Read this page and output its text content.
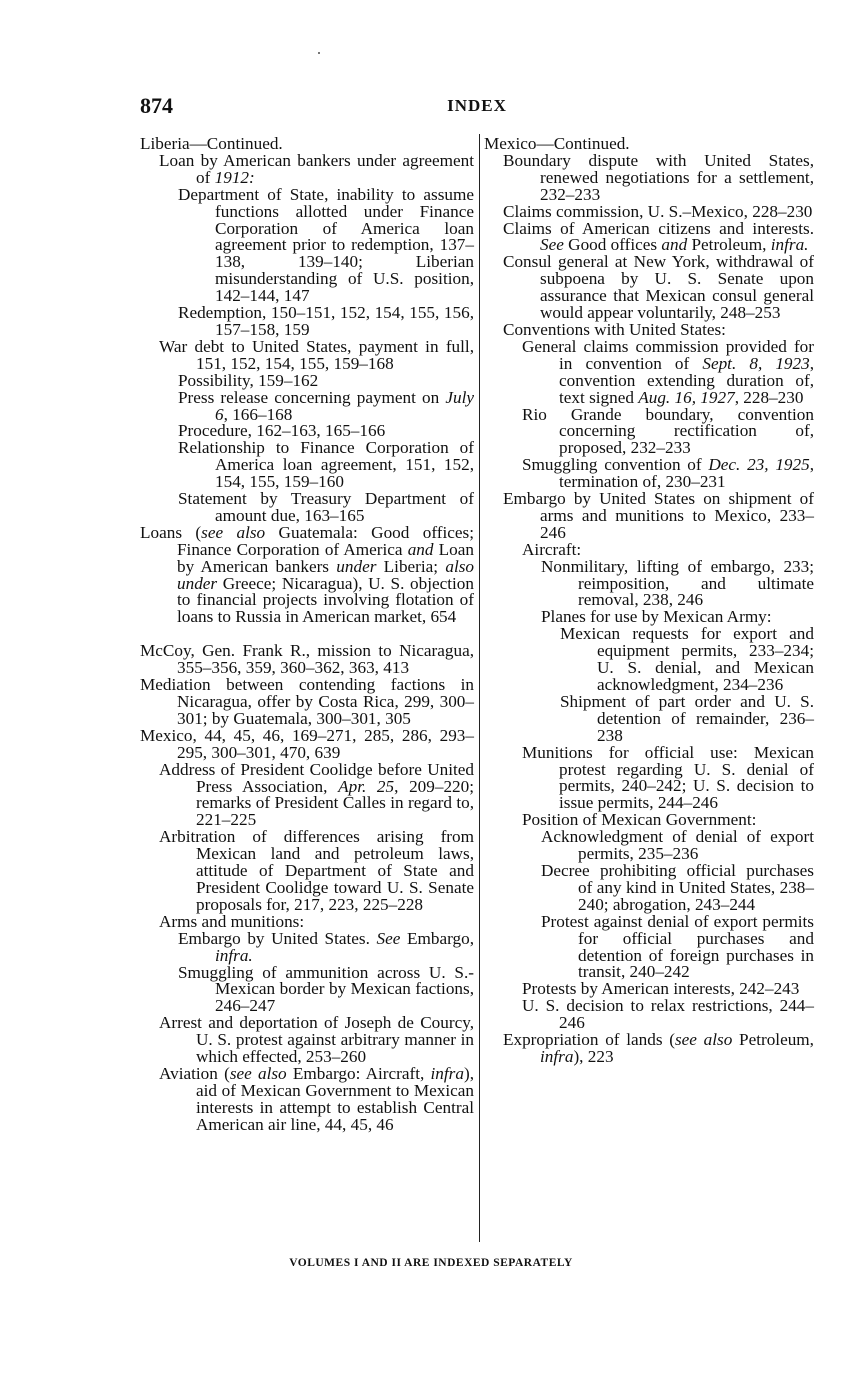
874	INDEX
Liberia—Continued.
Loan by American bankers under agreement of 1912:
Department of State, inability to assume functions allotted under Finance Corporation of America loan agreement prior to redemption, 137–138, 139–140; Liberian misunderstanding of U.S. position, 142–144, 147
Redemption, 150–151, 152, 154, 155, 156, 157–158, 159
War debt to United States, payment in full, 151, 152, 154, 155, 159–168
Possibility, 159–162
Press release concerning payment on July 6, 166–168
Procedure, 162–163, 165–166
Relationship to Finance Corporation of America loan agreement, 151, 152, 154, 155, 159–160
Statement by Treasury Department of amount due, 163–165
Loans (see also Guatemala: Good offices; Finance Corporation of America and Loan by American bankers under Liberia; also under Greece; Nicaragua), U. S. objection to financial projects involving flotation of loans to Russia in American market, 654
McCoy, Gen. Frank R., mission to Nicaragua, 355–356, 359, 360–362, 363, 413
Mediation between contending factions in Nicaragua, offer by Costa Rica, 299, 300–301; by Guatemala, 300–301, 305
Mexico, 44, 45, 46, 169–271, 285, 286, 293–295, 300–301, 470, 639
Address of President Coolidge before United Press Association, Apr. 25, 209–220; remarks of President Calles in regard to, 221–225
Arbitration of differences arising from Mexican land and petroleum laws, attitude of Department of State and President Coolidge toward U. S. Senate proposals for, 217, 223, 225–228
Arms and munitions:
Embargo by United States. See Embargo, infra.
Smuggling of ammunition across U. S.-Mexican border by Mexican factions, 246–247
Arrest and deportation of Joseph de Courcy, U. S. protest against arbitrary manner in which effected, 253–260
Aviation (see also Embargo: Aircraft, infra), aid of Mexican Government to Mexican interests in attempt to establish Central American air line, 44, 45, 46
Mexico—Continued.
Boundary dispute with United States, renewed negotiations for a settlement, 232–233
Claims commission, U. S.–Mexico, 228–230
Claims of American citizens and interests. See Good offices and Petroleum, infra.
Consul general at New York, withdrawal of subpoena by U. S. Senate upon assurance that Mexican consul general would appear voluntarily, 248–253
Conventions with United States:
General claims commission provided for in convention of Sept. 8, 1923, convention extending duration of, text signed Aug. 16, 1927, 228–230
Rio Grande boundary, convention concerning rectification of, proposed, 232–233
Smuggling convention of Dec. 23, 1925, termination of, 230–231
Embargo by United States on shipment of arms and munitions to Mexico, 233–246
Aircraft:
Nonmilitary, lifting of embargo, 233; reimposition, and ultimate removal, 238, 246
Planes for use by Mexican Army:
Mexican requests for export and equipment permits, 233–234; U. S. denial, and Mexican acknowledgment, 234–236
Shipment of part order and U. S. detention of remainder, 236–238
Munitions for official use: Mexican protest regarding U. S. denial of permits, 240–242; U. S. decision to issue permits, 244–246
Position of Mexican Government:
Acknowledgment of denial of export permits, 235–236
Decree prohibiting official purchases of any kind in United States, 238–240; abrogation, 243–244
Protest against denial of export permits for official purchases and detention of foreign purchases in transit, 240–242
Protests by American interests, 242–243
U. S. decision to relax restrictions, 244–246
Expropriation of lands (see also Petroleum, infra), 223
VOLUMES I AND II ARE INDEXED SEPARATELY
